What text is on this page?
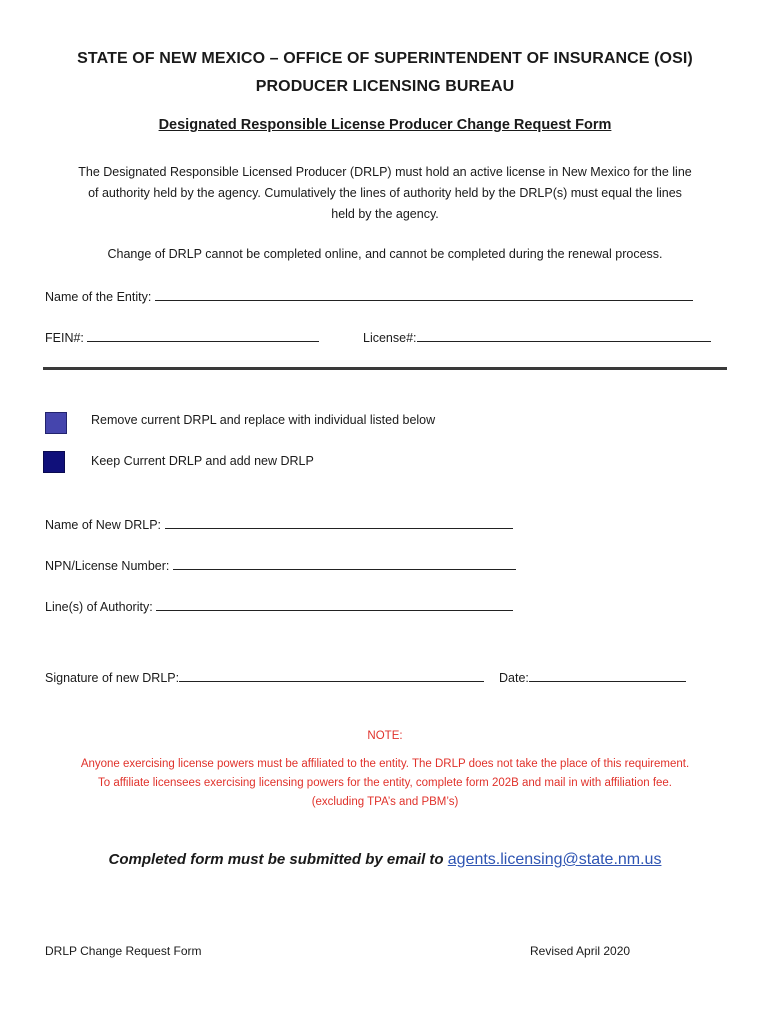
STATE OF NEW MEXICO – OFFICE OF SUPERINTENDENT OF INSURANCE (OSI)
PRODUCER LICENSING BUREAU
Designated Responsible License Producer Change Request Form
The Designated Responsible Licensed Producer (DRLP) must hold an active license in New Mexico for the line
of authority held by the agency. Cumulatively the lines of authority held by the DRLP(s) must equal the lines
held by the agency.
Change of DRLP cannot be completed online, and cannot be completed during the renewal process.
Name of the Entity:
FEIN#:	License#:
Remove current DRPL and replace with individual listed below
Keep Current DRLP and add new DRLP
Name of New DRLP:
NPN/License Number:
Line(s) of Authority:
Signature of new DRLP:	Date:
NOTE:
Anyone exercising license powers must be affiliated to the entity. The DRLP does not take the place of this requirement.
To affiliate licensees exercising licensing powers for the entity, complete form 202B and mail in with affiliation fee.
(excluding TPA’s and PBM’s)
Completed form must be submitted by email to agents.licensing@state.nm.us
DRLP Change Request Form	Revised April 2020
